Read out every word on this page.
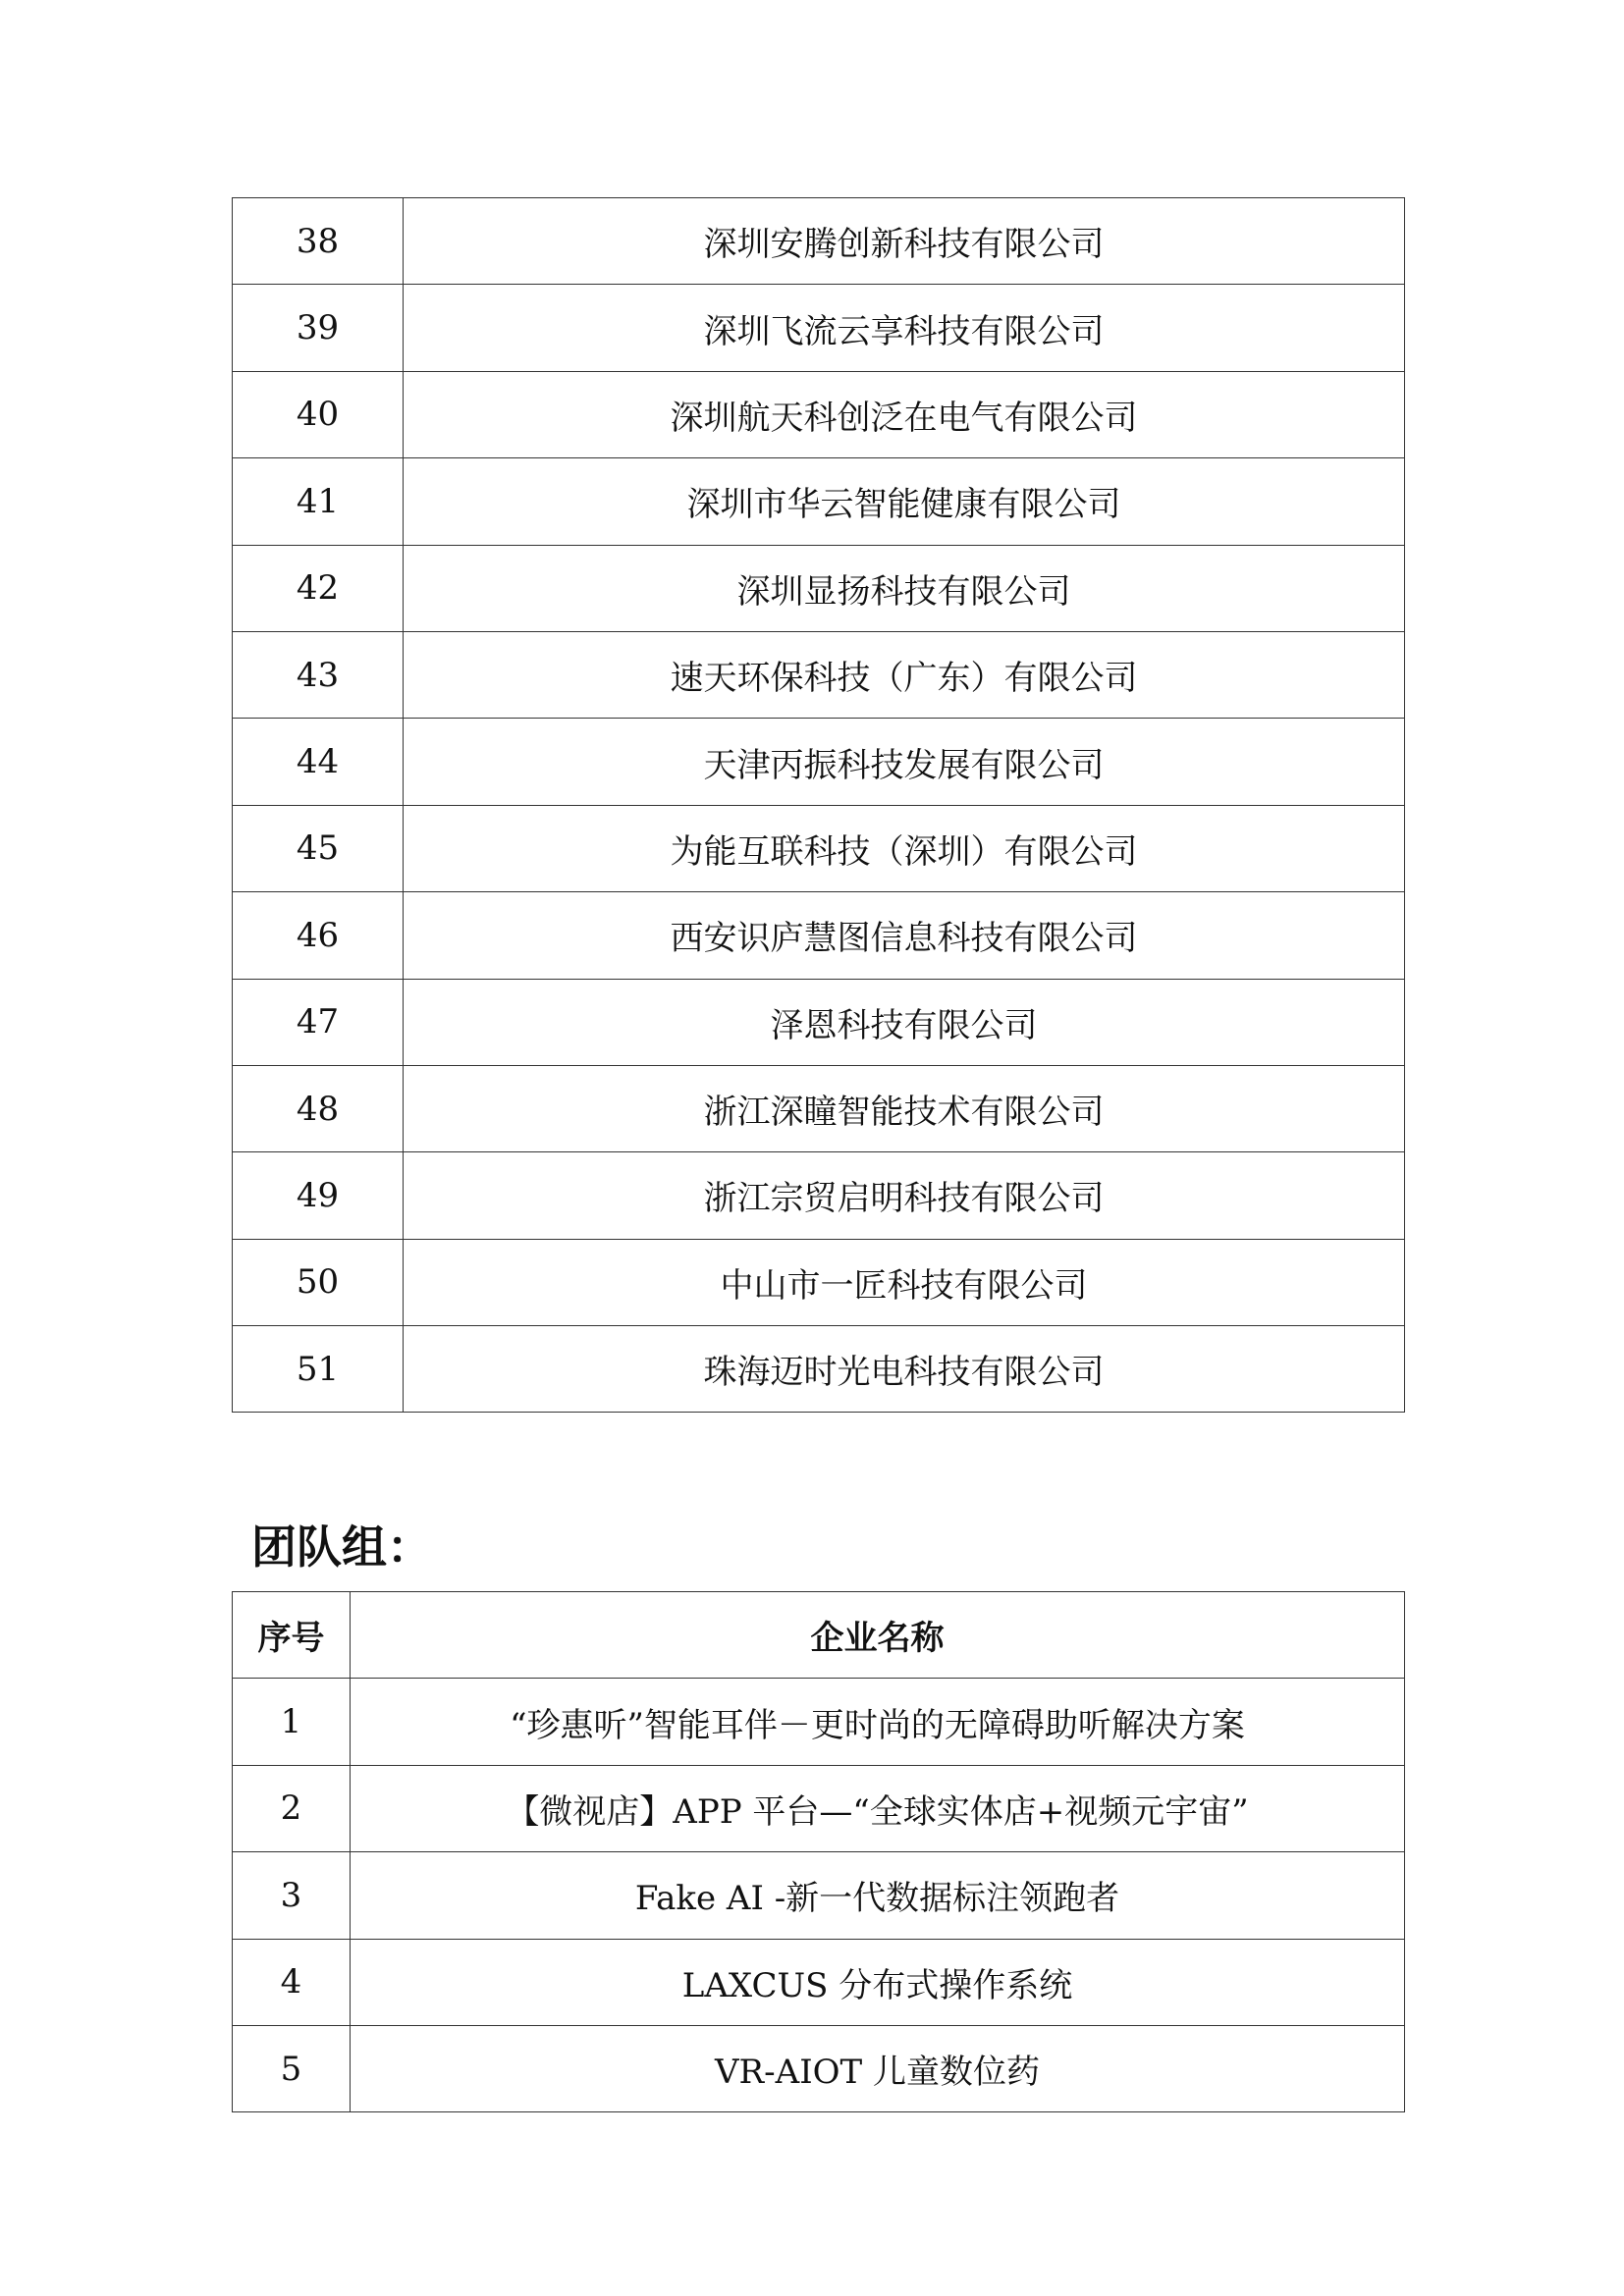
38	深圳安腾创新科技有限公司
39	深圳飞流云享科技有限公司
40	深圳航天科创泛在电气有限公司
41	深圳市华云智能健康有限公司
42	深圳显扬科技有限公司
43	速天环保科技（广东）有限公司
44	天津丙振科技发展有限公司
45	为能互联科技（深圳）有限公司
46	西安识庐慧图信息科技有限公司
47	泽恩科技有限公司
48	浙江深瞳智能技术有限公司
49	浙江宗贸启明科技有限公司
50	中山市一匠科技有限公司
51	珠海迈时光电科技有限公司
团队组：
序号	企业名称
1	“珍惠听”智能耳伴－更时尚的无障碍助听解决方案
2	【微视店】APP 平台—“全球实体店+视频元宇宙”
3	Fake AI -新一代数据标注领跑者
4	LAXCUS 分布式操作系统
5	VR-AIOT 儿童数位药
